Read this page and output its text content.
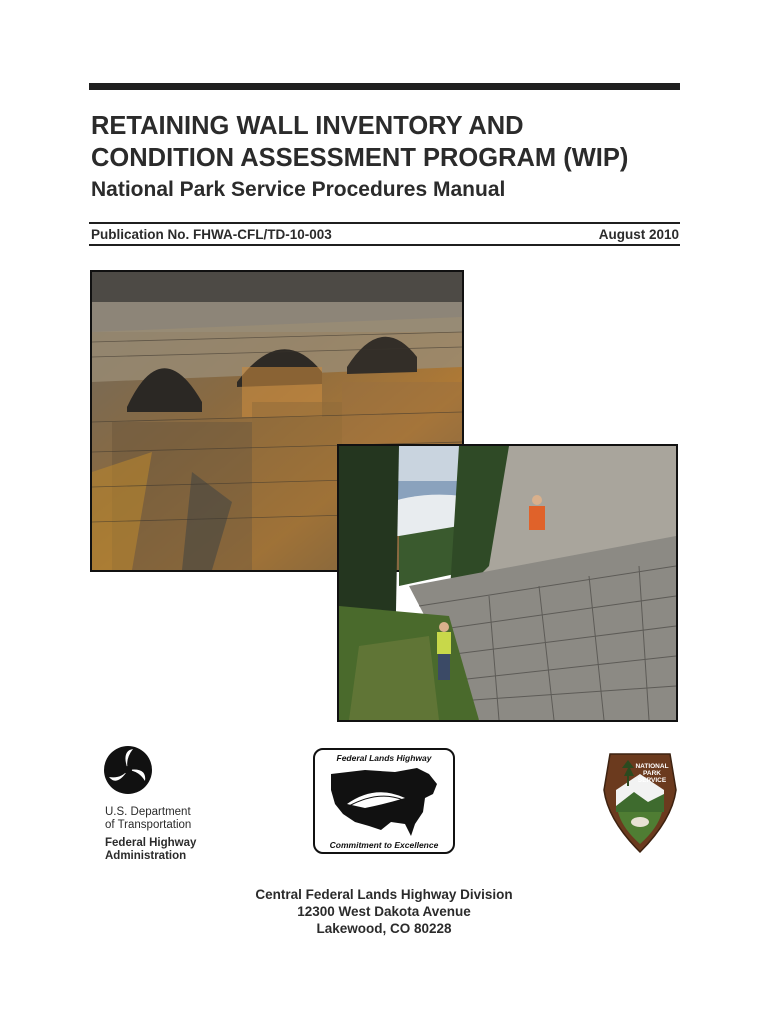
RETAINING WALL INVENTORY AND
CONDITION ASSESSMENT PROGRAM (WIP)
National Park Service Procedures Manual
Publication No. FHWA-CFL/TD-10-003	August 2010
U.S. Department
of Transportation
Federal Highway
Administration
Federal Lands Highway
Commitment to Excellence
NATIONAL
PARK
SERVICE
Central Federal Lands Highway Division
12300 West Dakota Avenue
Lakewood, CO 80228
